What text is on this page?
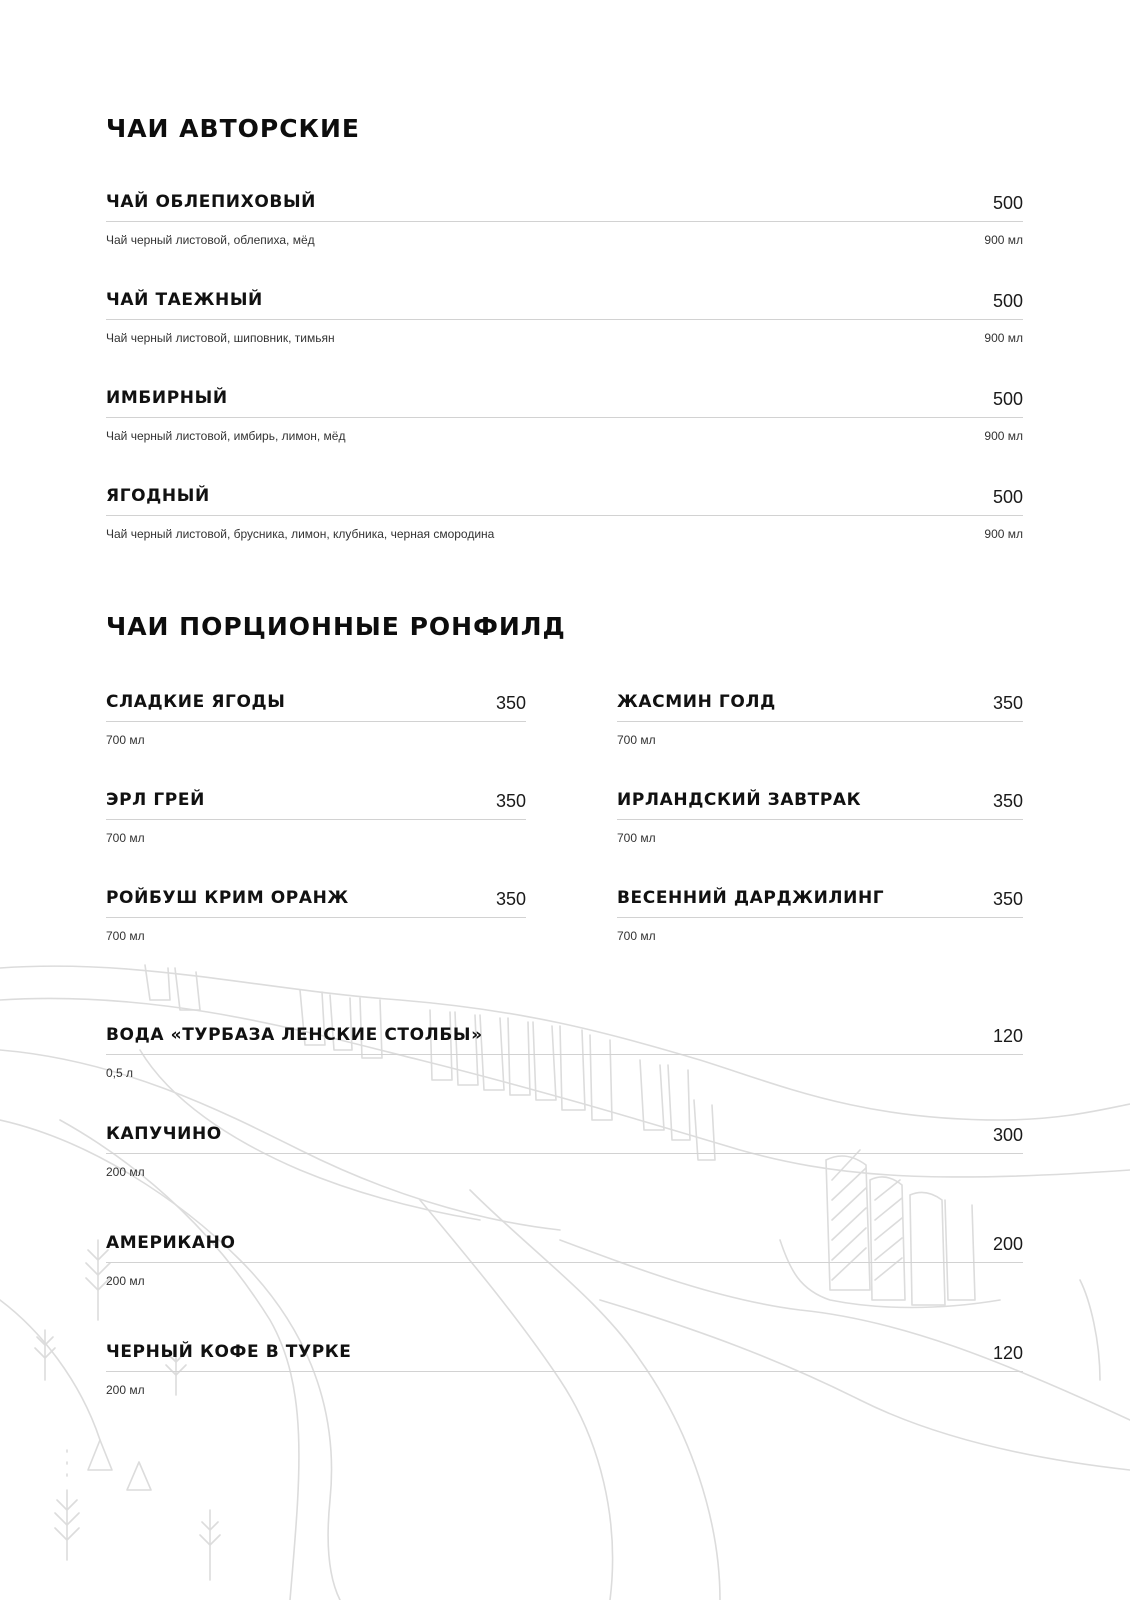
ЧАИ АВТОРСКИЕ
ЧАЙ ОБЛЕПИХОВЫЙ	500
Чай черный листовой, облепиха, мёд	900 мл
ЧАЙ ТАЕЖНЫЙ	500
Чай черный листовой, шиповник, тимьян	900 мл
ИМБИРНЫЙ	500
Чай черный листовой, имбирь, лимон, мёд	900 мл
ЯГОДНЫЙ	500
Чай черный листовой, брусника, лимон, клубника, черная смородина	900 мл
ЧАИ ПОРЦИОННЫЕ РОНФИЛД
СЛАДКИЕ ЯГОДЫ	350
700 мл
ЭРЛ ГРЕЙ	350
700 мл
РОЙБУШ КРИМ ОРАНЖ	350
700 мл
ЖАСМИН ГОЛД	350
700 мл
ИРЛАНДСКИЙ ЗАВТРАК	350
700 мл
ВЕСЕННИЙ ДАРДЖИЛИНГ	350
700 мл
ВОДА «ТУРБАЗА ЛЕНСКИЕ СТОЛБЫ»	120
0,5 л
КАПУЧИНО	300
200 мл
АМЕРИКАНО	200
200 мл
ЧЕРНЫЙ КОФЕ В ТУРКЕ	120
200 мл
